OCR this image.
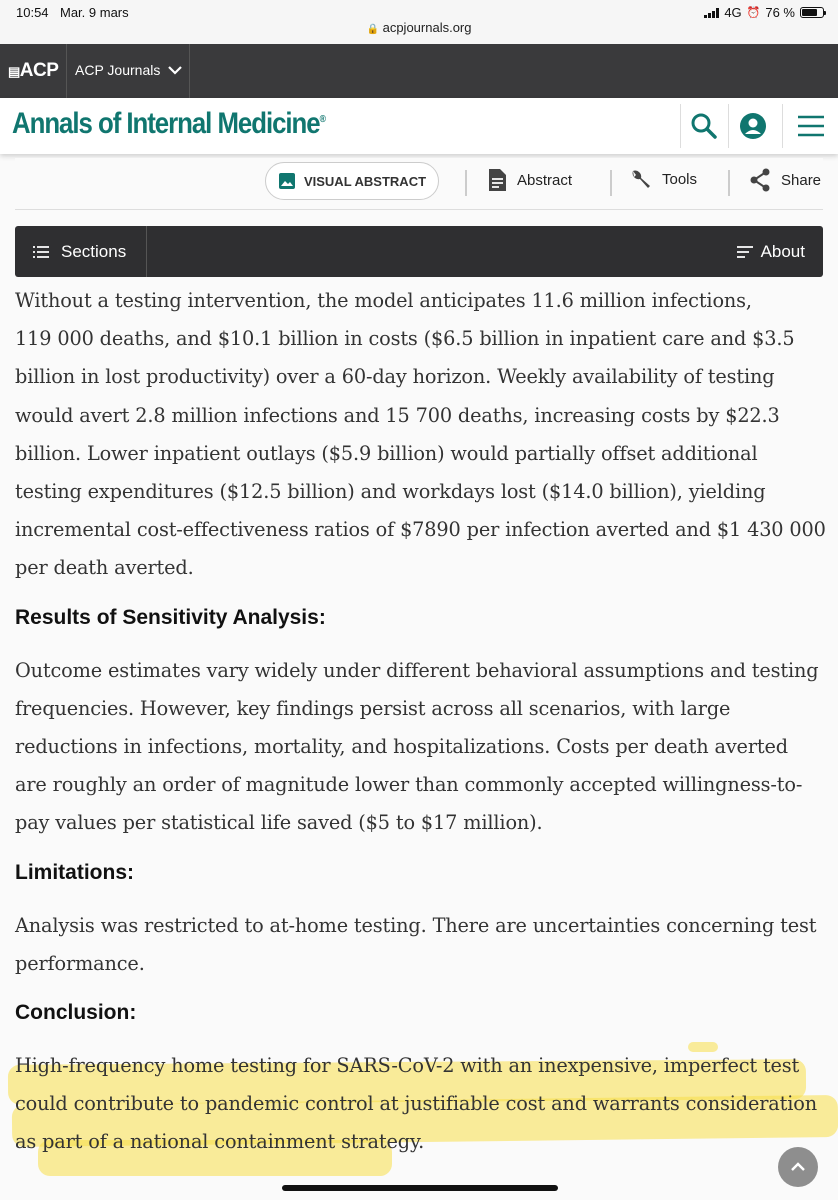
10:54 Mar. 9 mars
🔒 acpjournals.org
4G ⏰ 76 %
▤ACP ACP Journals
Annals of Internal Medicine®
VISUAL ABSTRACT	Abstract	Tools	Share
Sections	About
Without a testing intervention, the model anticipates 11.6 million infections,
119 000 deaths, and $10.1 billion in costs ($6.5 billion in inpatient care and $3.5
billion in lost productivity) over a 60-day horizon. Weekly availability of testing
would avert 2.8 million infections and 15 700 deaths, increasing costs by $22.3
billion. Lower inpatient outlays ($5.9 billion) would partially offset additional
testing expenditures ($12.5 billion) and workdays lost ($14.0 billion), yielding
incremental cost-effectiveness ratios of $7890 per infection averted and $1 430 000
per death averted.
Results of Sensitivity Analysis:
Outcome estimates vary widely under different behavioral assumptions and testing
frequencies. However, key findings persist across all scenarios, with large
reductions in infections, mortality, and hospitalizations. Costs per death averted
are roughly an order of magnitude lower than commonly accepted willingness-to-
pay values per statistical life saved ($5 to $17 million).
Limitations:
Analysis was restricted to at-home testing. There are uncertainties concerning test
performance.
Conclusion:
High-frequency home testing for SARS-CoV-2 with an inexpensive, imperfect test
could contribute to pandemic control at justifiable cost and warrants consideration
as part of a national containment strategy.
